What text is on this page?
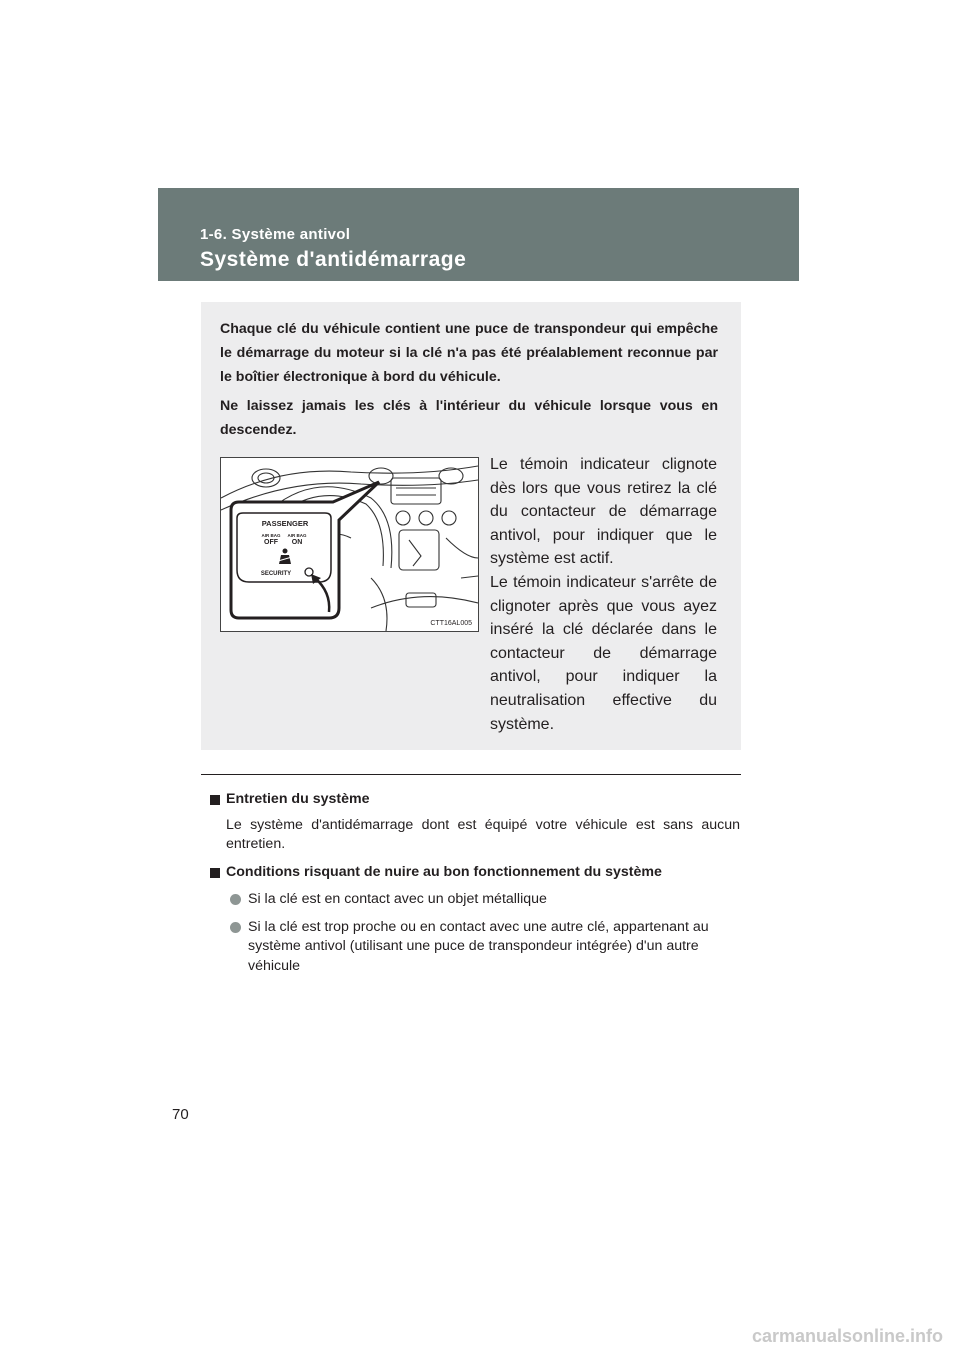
1-6. Système antivol
Système d'antidémarrage

Chaque clé du véhicule contient une puce de transpondeur qui empêche le démarrage du moteur si la clé n'a pas été préalablement reconnue par le boîtier électronique à bord du véhicule.

Ne laissez jamais les clés à l'intérieur du véhicule lorsque vous en descendez.

PASSENGER
AIR BAG AIR BAG
OFF ON
SECURITY
CTT16AL005

Le témoin indicateur clignote dès lors que vous retirez la clé du contacteur de démarrage antivol, pour indiquer que le système est actif.

Le témoin indicateur s'arrête de clignoter après que vous ayez inséré la clé déclarée dans le contacteur de démarrage antivol, pour indiquer la neutralisation effective du système.

Entretien du système

Le système d'antidémarrage dont est équipé votre véhicule est sans aucun entretien.

Conditions risquant de nuire au bon fonctionnement du système

Si la clé est en contact avec un objet métallique

Si la clé est trop proche ou en contact avec une autre clé, appartenant au système antivol (utilisant une puce de transpondeur intégrée) d'un autre véhicule

70
carmanualsonline.info
